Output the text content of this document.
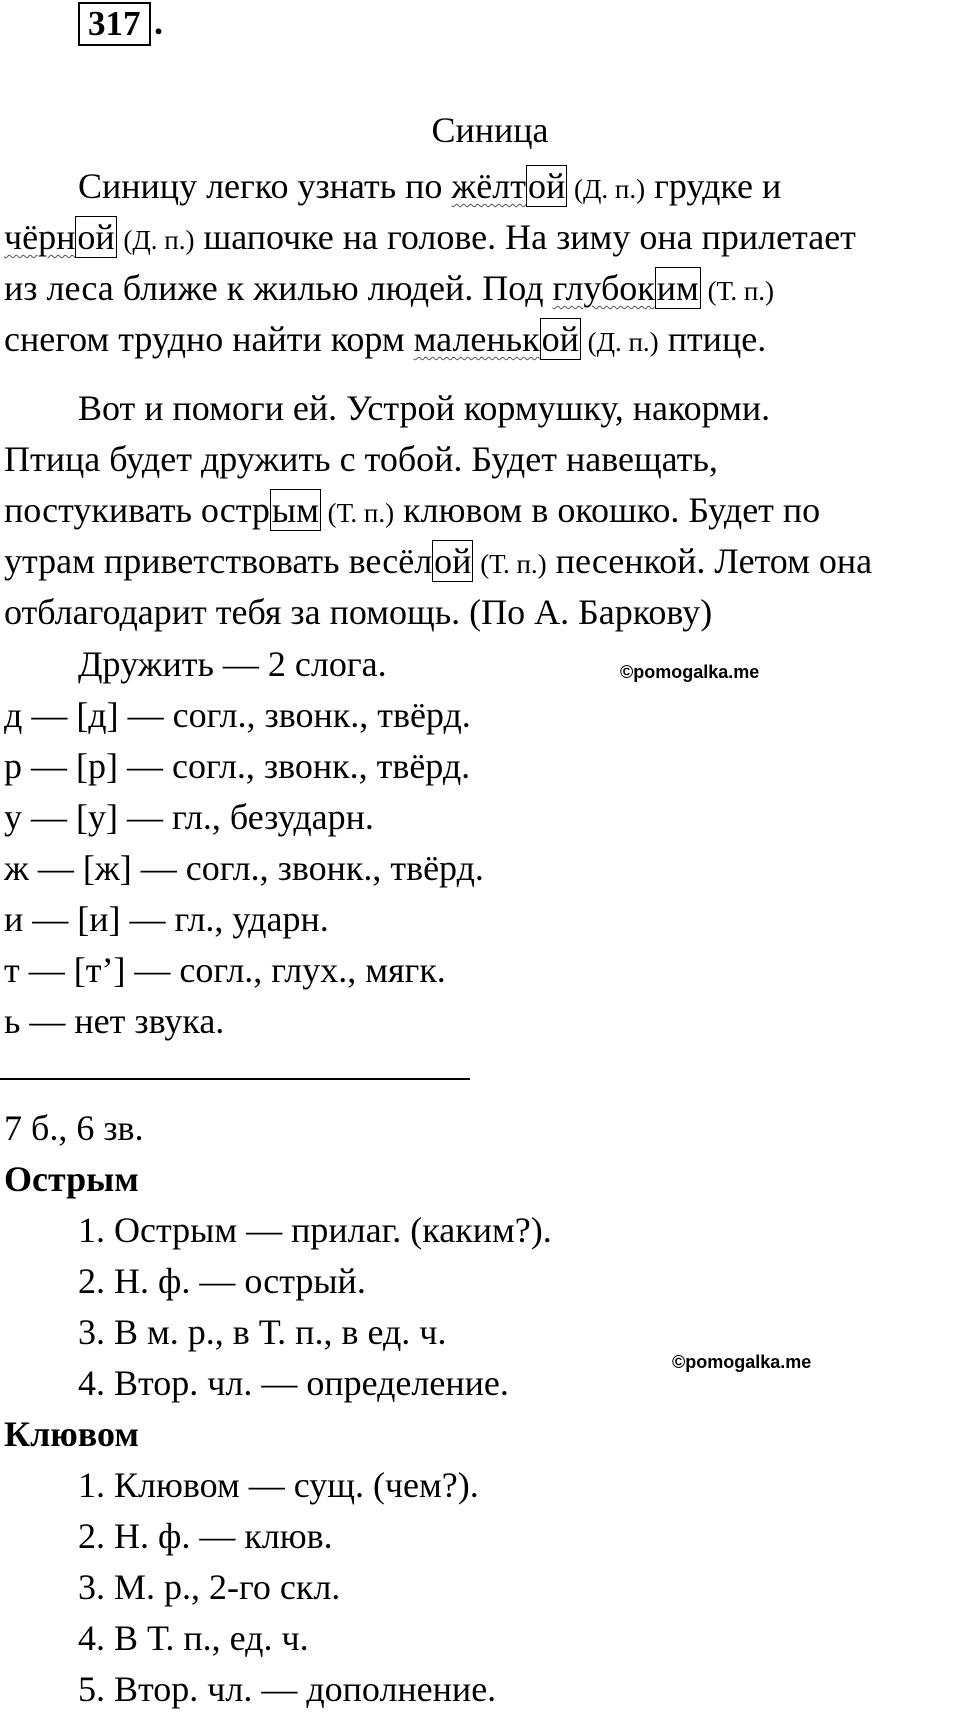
317 .
Синица
Синицу легко узнать по жёлтой (Д. п.) грудке и
чёрной (Д. п.) шапочке на голове. На зиму она прилетает
из леса ближе к жилью людей. Под глубоким (Т. п.)
снегом трудно найти корм маленькой (Д. п.) птице.
Вот и помоги ей. Устрой кормушку, накорми.
Птица будет дружить с тобой. Будет навещать,
постукивать острым (Т. п.) клювом в окошко. Будет по
утрам приветствовать весёлой (Т. п.) песенкой. Летом она
отблагодарит тебя за помощь. (По А. Баркову)
Дружить — 2 слога.	©pomogalka.me
д — [д] — согл., звонк., твёрд.
р — [р] — согл., звонк., твёрд.
у — [у] — гл., безударн.
ж — [ж] — согл., звонк., твёрд.
и — [и] — гл., ударн.
т — [т’] — согл., глух., мягк.
ь — нет звука.
7 б., 6 зв.
Острым
1. Острым — прилаг. (каким?).
2. Н. ф. — острый.
3. В м. р., в Т. п., в ед. ч.
©pomogalka.me
4. Втор. чл. — определение.
Клювом
1. Клювом — сущ. (чем?).
2. Н. ф. — клюв.
3. М. р., 2-го скл.
4. В Т. п., ед. ч.
5. Втор. чл. — дополнение.
